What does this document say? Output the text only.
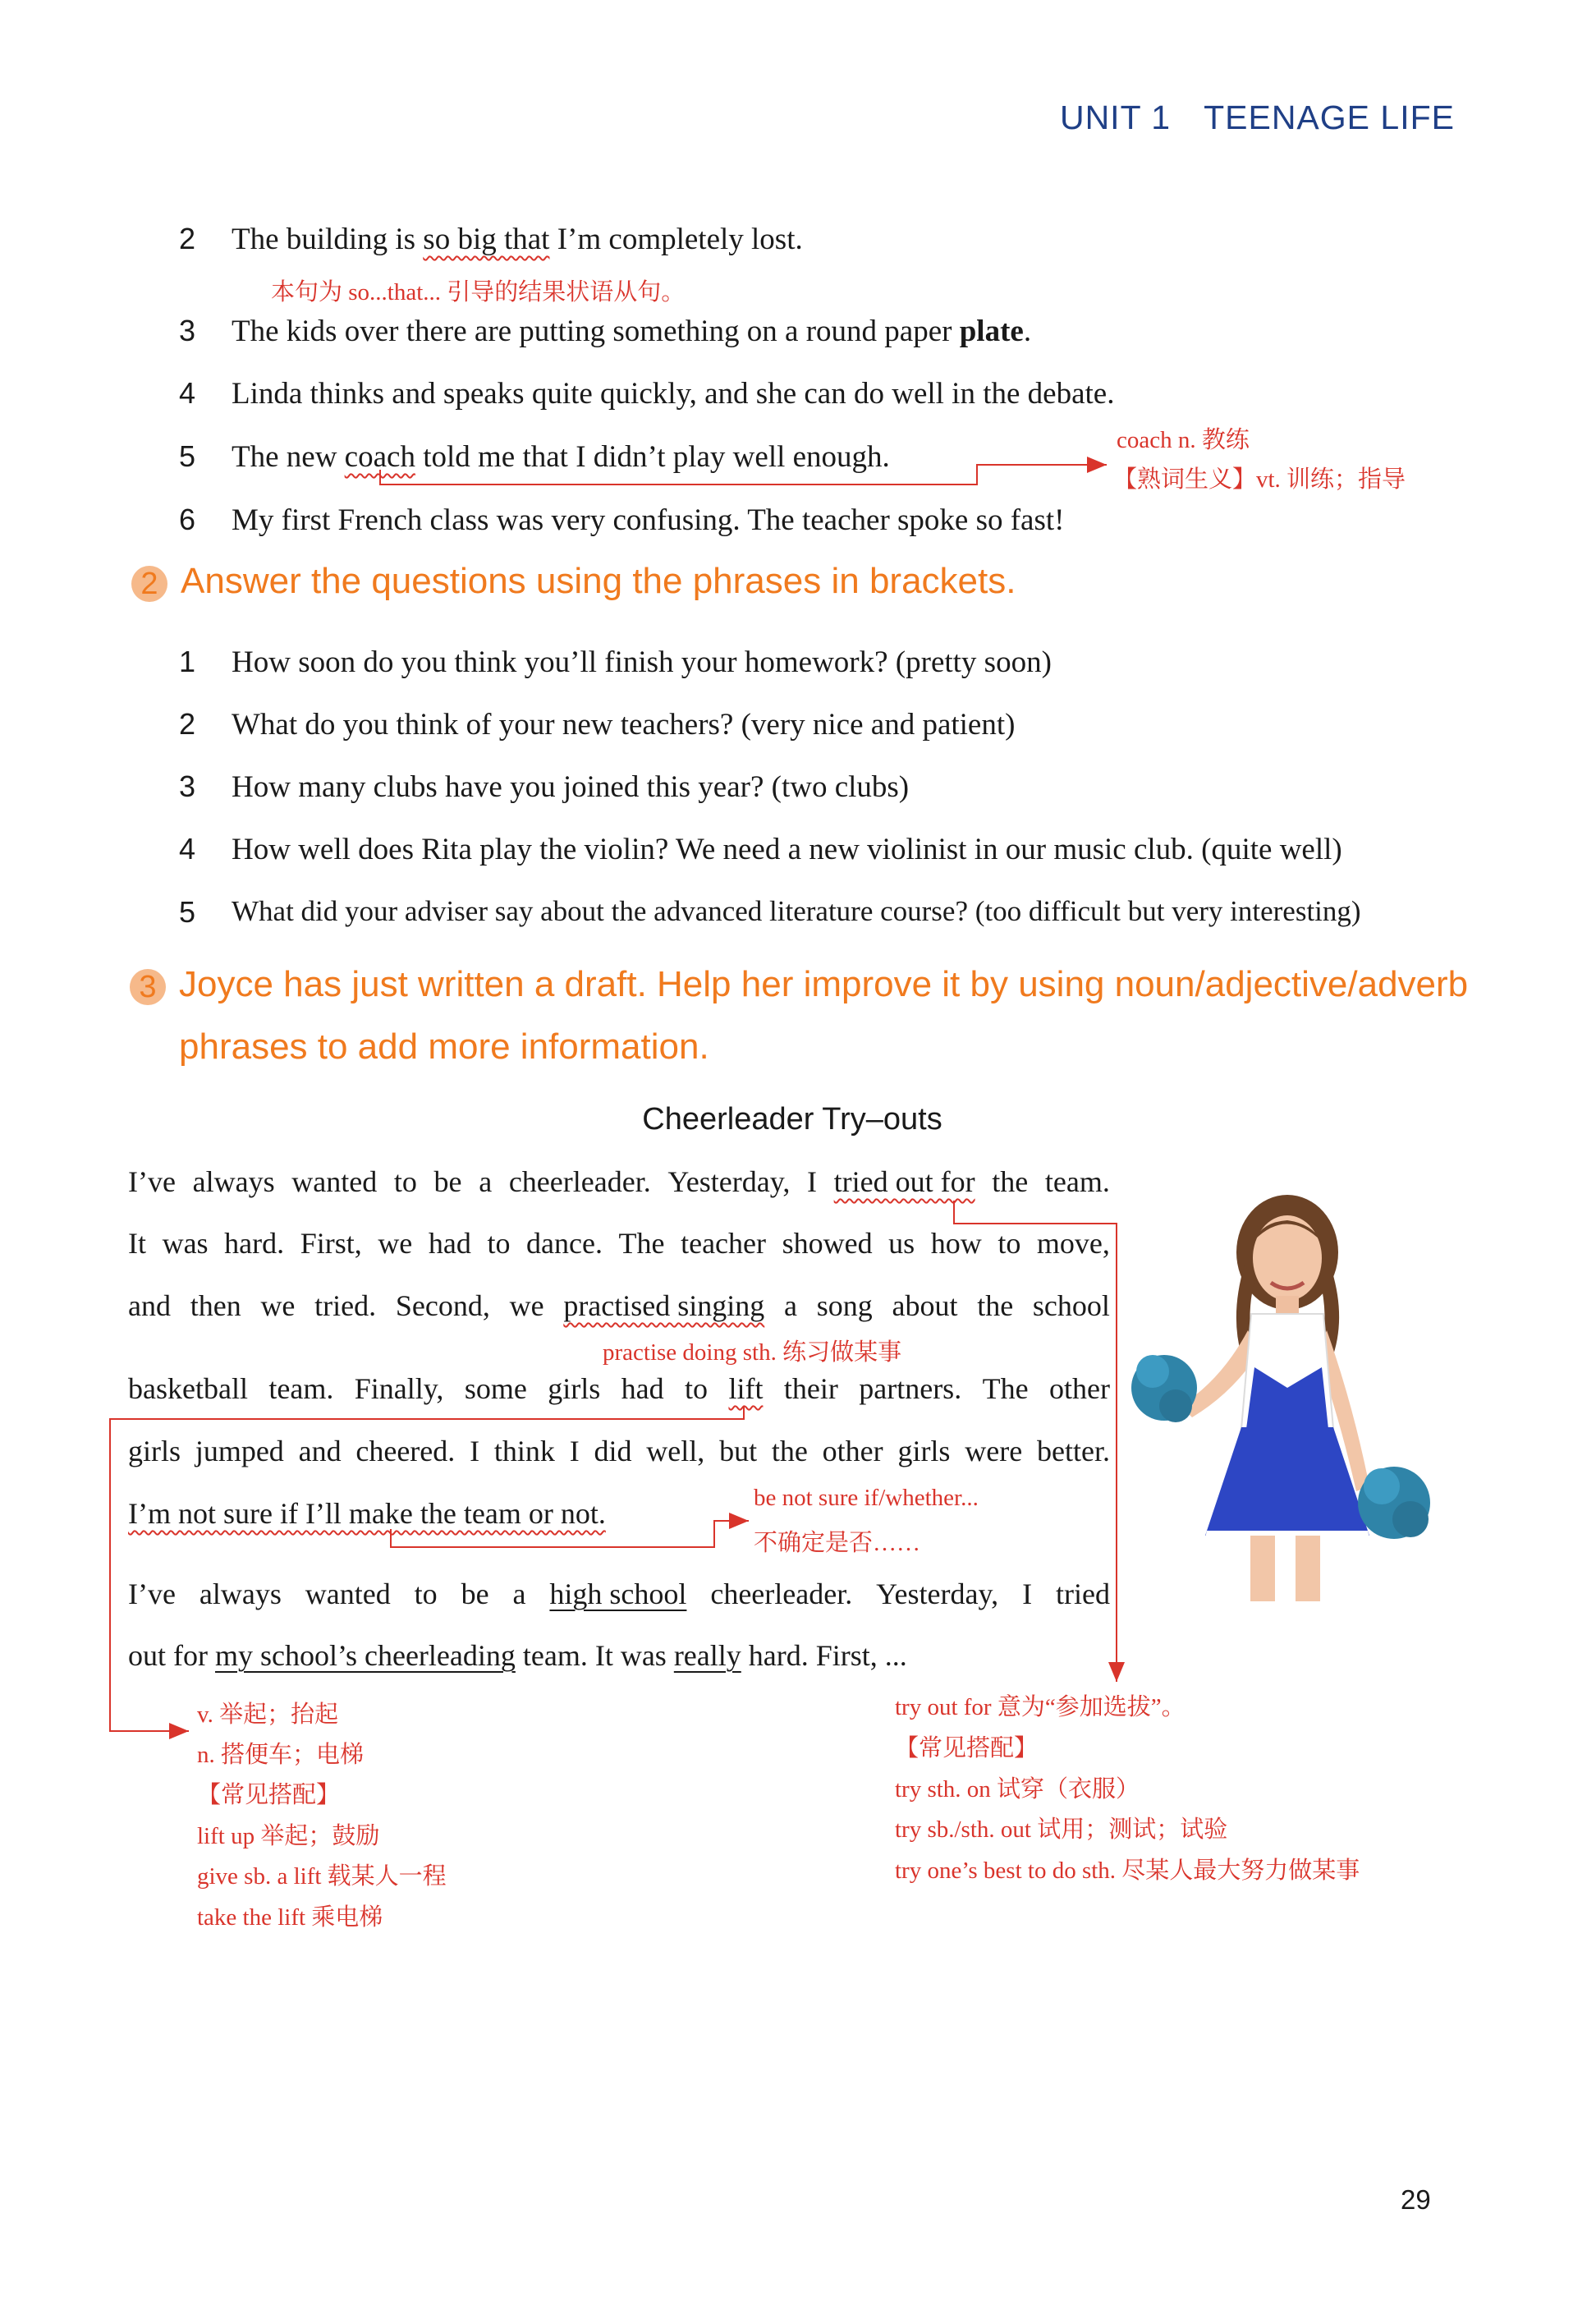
UNIT 1 TEENAGE LIFE
2 The building is so big that I’m completely lost.
本句为 so...that... 引导的结果状语从句。
3 The kids over there are putting something on a round paper plate.
4 Linda thinks and speaks quite quickly, and she can do well in the debate.
5 The new coach told me that I didn’t play well enough.	coach n. 教练
【熟词生义】vt. 训练；指导
6 My first French class was very confusing. The teacher spoke so fast!
2 Answer the questions using the phrases in brackets.
1 How soon do you think you’ll finish your homework? (pretty soon)
2 What do you think of your new teachers? (very nice and patient)
3 How many clubs have you joined this year? (two clubs)
4 How well does Rita play the violin? We need a new violinist in our music club. (quite well)
5 What did your adviser say about the advanced literature course? (too difficult but very interesting)
3 Joyce has just written a draft. Help her improve it by using noun/adjective/adverb
phrases to add more information.
Cheerleader Try–outs
I’ve always wanted to be a cheerleader. Yesterday, I tried out for the team.
It was hard. First, we had to dance. The teacher showed us how to move,
and then we tried. Second, we practised singing a song about the school
practise doing sth. 练习做某事
basketball team. Finally, some girls had to lift their partners. The other
girls jumped and cheered. I think I did well, but the other girls were better.
I’m not sure if I’ll make the team or not.	be not sure if/whether...
不确定是否……
I’ve always wanted to be a high school cheerleader. Yesterday, I tried
out for my school’s cheerleading team. It was really hard. First, ...
v. 举起；抬起
n. 搭便车；电梯
【常见搭配】
lift up 举起；鼓励
give sb. a lift 载某人一程
take the lift 乘电梯
try out for 意为“参加选拔”。
【常见搭配】
try sth. on 试穿（衣服）
try sb./sth. out 试用；测试；试验
try one’s best to do sth. 尽某人最大努力做某事
29
